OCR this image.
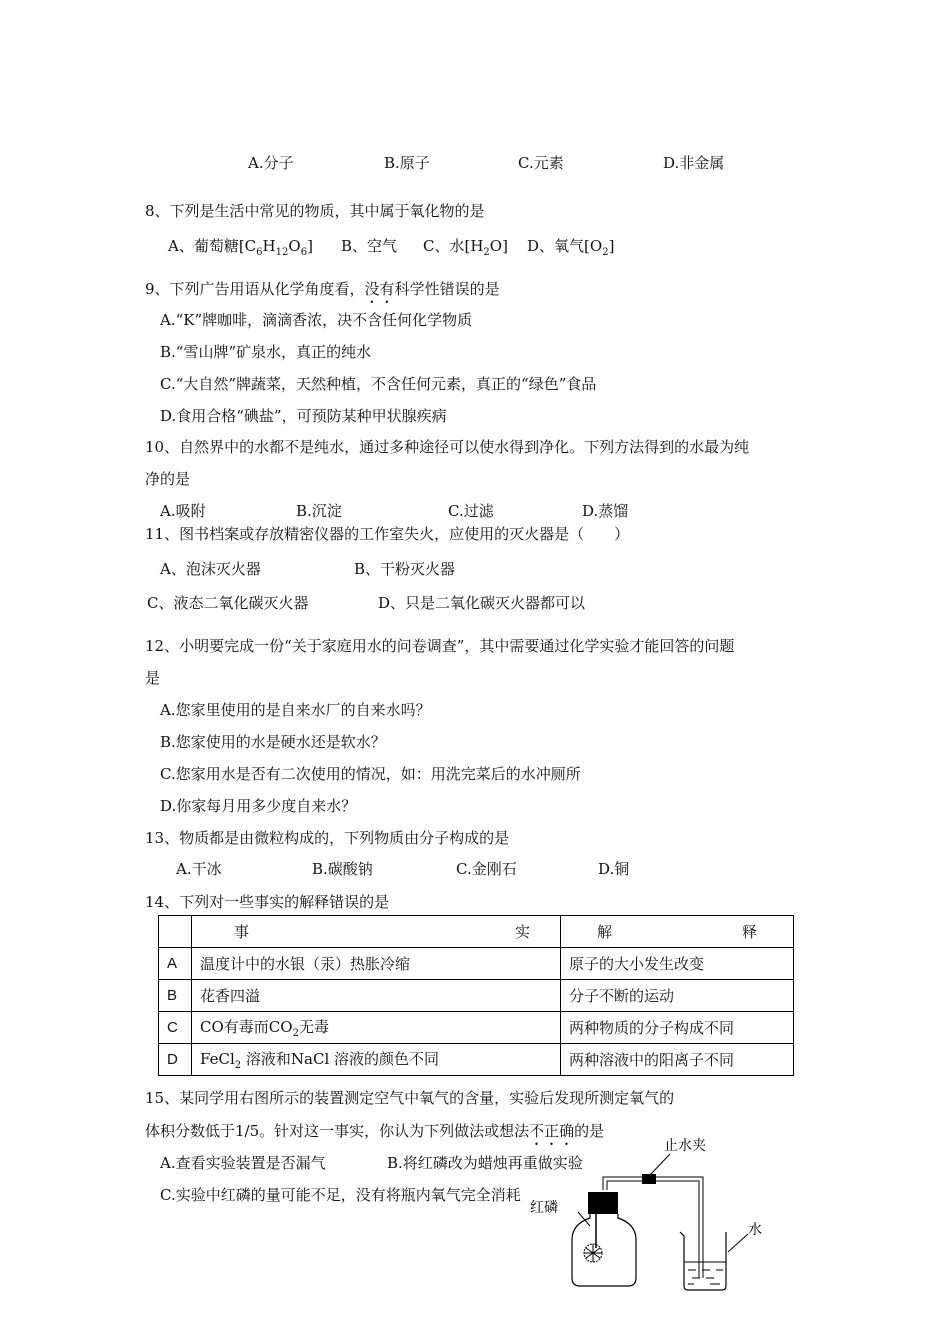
A.分子	B.原子	C.元素	D.非金属
8、下列是生活中常见的物质，其中属于氧化物的是
A、葡萄糖$[C_6H_{12}O_6]$ B、空气 C、水$[H_2O]$ D、氧气$[O_2]$
9、下列广告用语从化学角度看，没有科学性错误的是
A.“K”牌咖啡，滴滴香浓，决不含任何化学物质
B.“雪山牌”矿泉水，真正的纯水
C.“大自然”牌蔬菜，天然种植，不含任何元素，真正的“绿色”食品
D.食用合格“碘盐”，可预防某种甲状腺疾病
10、自然界中的水都不是纯水，通过多种途径可以使水得到净化。下列方法得到的水最为纯
净的是
A.吸附	B.沉淀	C.过滤	D.蒸馏
11、图书档案或存放精密仪器的工作室失火，应使用的灭火器是（　　）
A、泡沫灭火器	B、干粉灭火器
C、液态二氧化碳灭火器	D、只是二氧化碳灭火器都可以
12、小明要完成一份“关于家庭用水的问卷调查”，其中需要通过化学实验才能回答的问题
是
A.您家里使用的是自来水厂的自来水吗？
B.您家使用的水是硬水还是软水？
C.您家用水是否有二次使用的情况，如：用洗完菜后的水冲厕所
D.你家每月用多少度自来水？
13、物质都是由微粒构成的，下列物质由分子构成的是
A.干冰	B.碳酸钠	C.金刚石	D.铜
14、下列对一些事实的解释错误的是

	事 实	解 释

A	温度计中的水银（汞）热胀冷缩	原子的大小发生改变
B	花香四溢	分子不断的运动
C	CO有毒而$CO_2$无毒	两种物质的分子构成不同
D	FeCl$_2$ 溶液和NaCl 溶液的颜色不同	两种溶液中的阳离子不同
15、某同学用右图所示的装置测定空气中氧气的含量，实验后发现所测定氧气的
体积分数低于1/5。针对这一事实，你认为下列做法或想法不正确的是
A.查看实验装置是否漏气	B.将红磷改为蜡烛再重做实验
C.实验中红磷的量可能不足，没有将瓶内氧气完全消耗
止水夹
红磷
水
